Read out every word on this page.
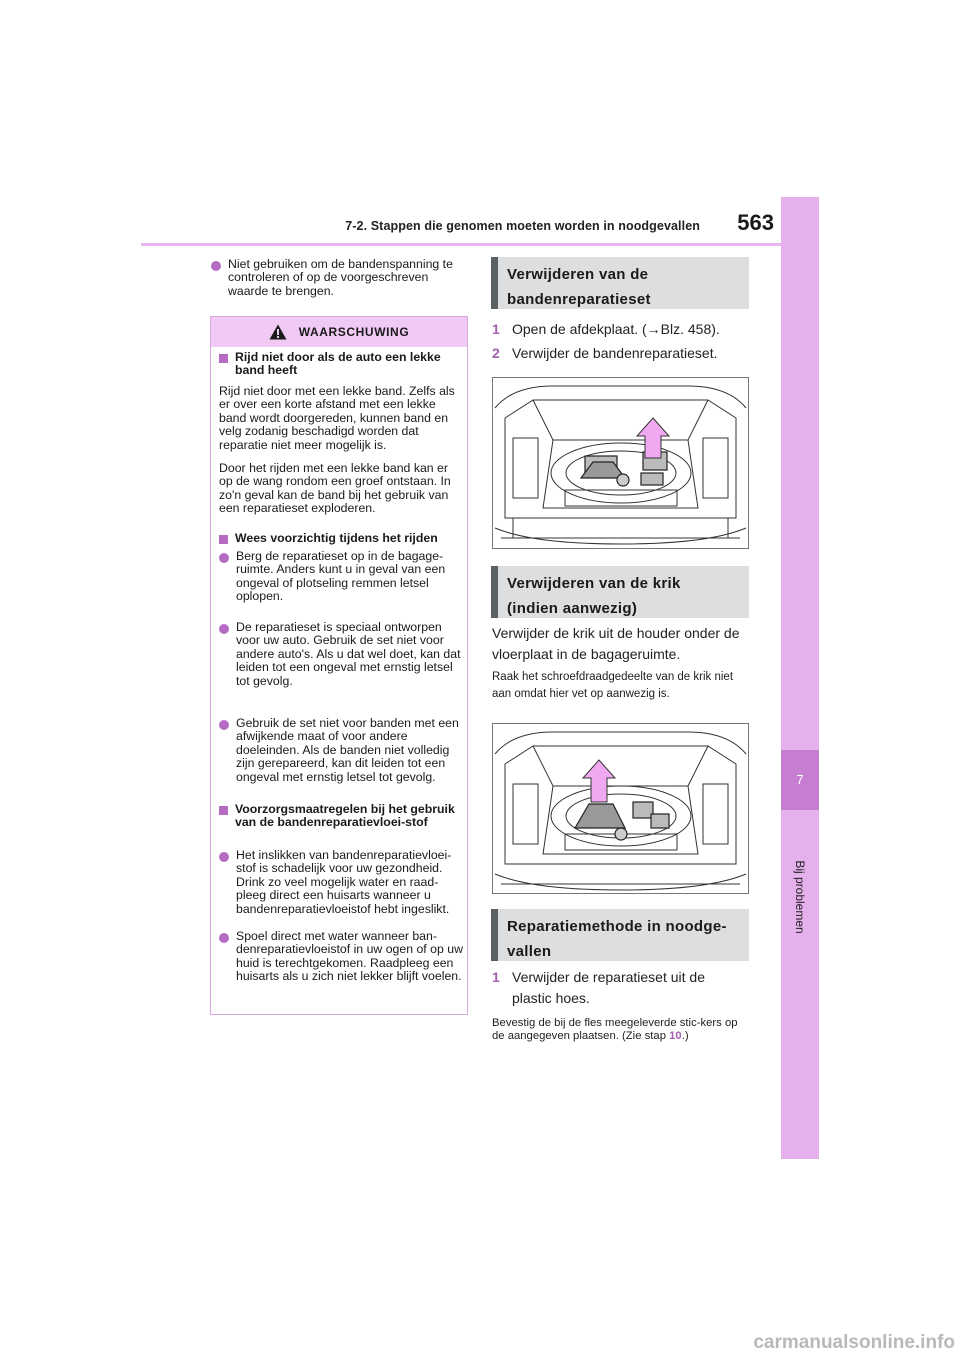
7-2. Stappen die genomen moeten worden in noodgevallen	563
7
Bij problemen
Niet gebruiken om de bandenspanning te controleren of op de voorgeschreven waarde te brengen.
WAARSCHUWING
Rijd niet door als de auto een lekke band heeft

Rijd niet door met een lekke band. Zelfs als er over een korte afstand met een lekke band wordt doorgereden, kunnen band en velg zodanig beschadigd worden dat reparatie niet meer mogelijk is.

Door het rijden met een lekke band kan er op de wang rondom een groef ontstaan. In zo'n geval kan de band bij het gebruik van een reparatieset exploderen.

Wees voorzichtig tijdens het rijden
Berg de reparatieset op in de bagage-ruimte. Anders kunt u in geval van een ongeval of plotseling remmen letsel oplopen.
De reparatieset is speciaal ontworpen voor uw auto. Gebruik de set niet voor andere auto's. Als u dat wel doet, kan dat leiden tot een ongeval met ernstig letsel tot gevolg.
Gebruik de set niet voor banden met een afwijkende maat of voor andere doeleinden. Als de banden niet volledig zijn gerepareerd, kan dit leiden tot een ongeval met ernstig letsel tot gevolg.
Voorzorgsmaatregelen bij het gebruik van de bandenreparatievloei-stof
Het inslikken van bandenreparatievloei-stof is schadelijk voor uw gezondheid. Drink zo veel mogelijk water en raad-pleeg direct een huisarts wanneer u bandenreparatievloeistof hebt ingeslikt.
Spoel direct met water wanneer ban-denreparatievloeistof in uw ogen of op uw huid is terechtgekomen. Raadpleeg een huisarts als u zich niet lekker blijft voelen.
Verwijderen van de
bandenreparatieset
1 Open de afdekplaat. (→Blz. 458).
2 Verwijder de bandenreparatieset.
Verwijderen van de krik
(indien aanwezig)
Verwijder de krik uit de houder onder de vloerplaat in de bagageruimte.
Raak het schroefdraadgedeelte van de krik niet aan omdat hier vet op aanwezig is.
Reparatiemethode in noodge-
vallen
1 Verwijder de reparatieset uit de plastic hoes.
Bevestig de bij de fles meegeleverde stic-kers op de aangegeven plaatsen. (Zie stap 10.)
carmanualsonline.info
